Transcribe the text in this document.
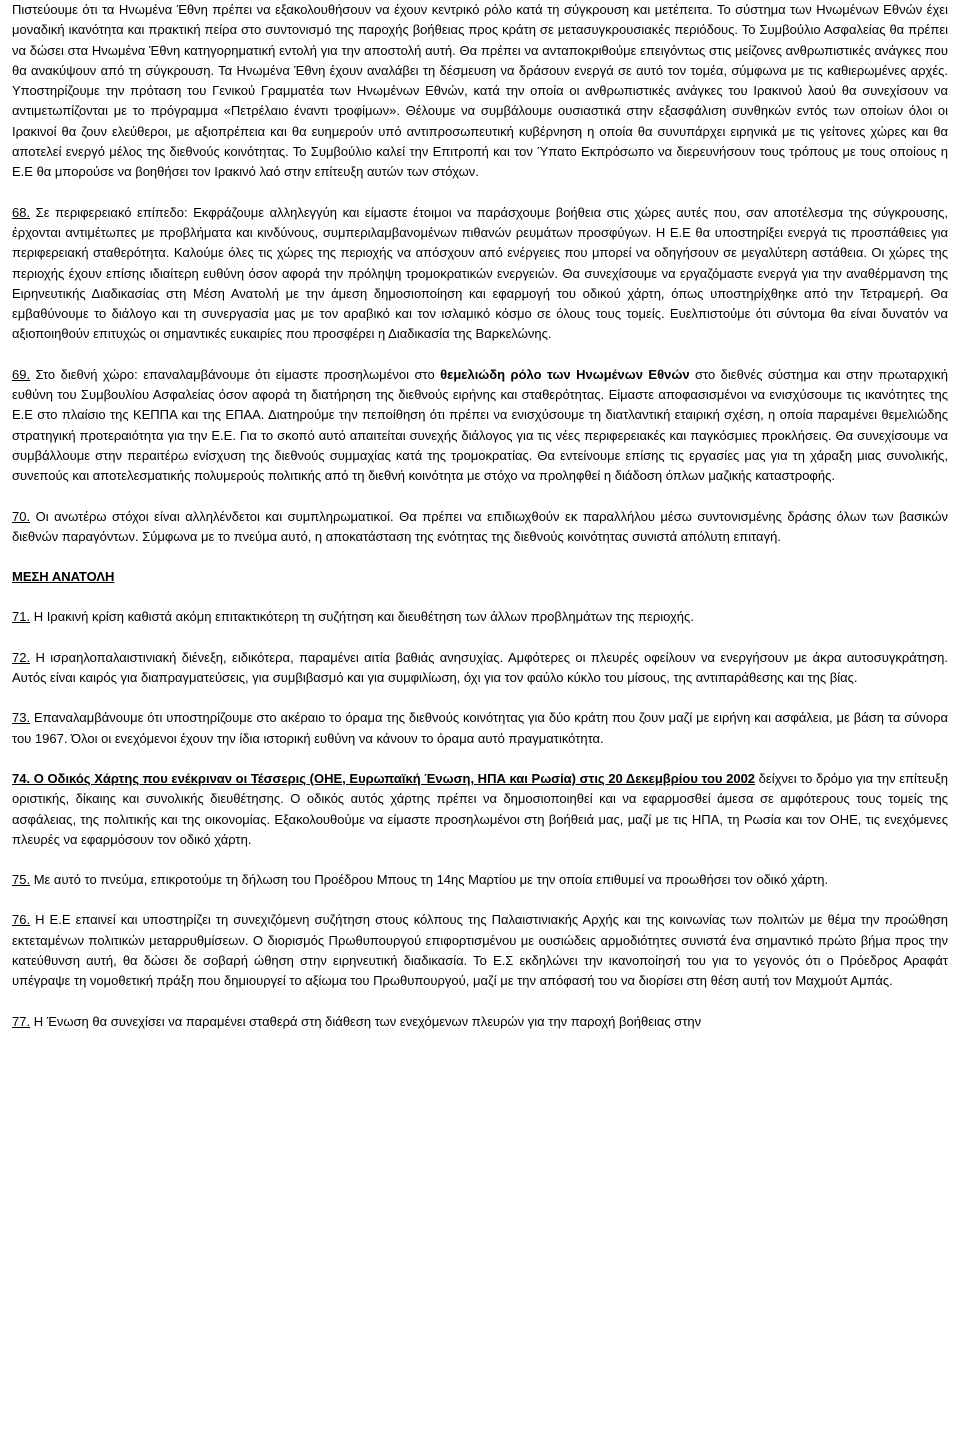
Πιστεύουμε ότι τα Ηνωμένα Έθνη πρέπει να εξακολουθήσουν να έχουν κεντρικό ρόλο κατά τη σύγκρουση και μετέπειτα. Το σύστημα των Ηνωμένων Εθνών έχει μοναδική ικανότητα και πρακτική πείρα στο συντονισμό της παροχής βοήθειας προς κράτη σε μετασυγκρουσιακές περιόδους. Το Συμβούλιο Ασφαλείας θα πρέπει να δώσει στα Ηνωμένα Έθνη κατηγορηματική εντολή για την αποστολή αυτή. Θα πρέπει να ανταποκριθούμε επειγόντως στις μείζονες ανθρωπιστικές ανάγκες που θα ανακύψουν από τη σύγκρουση. Τα Ηνωμένα Έθνη έχουν αναλάβει τη δέσμευση να δράσουν ενεργά σε αυτό τον τομέα, σύμφωνα με τις καθιερωμένες αρχές. Υποστηρίζουμε την πρόταση του Γενικού Γραμματέα των Ηνωμένων Εθνών, κατά την οποία οι ανθρωπιστικές ανάγκες του Ιρακινού λαού θα συνεχίσουν να αντιμετωπίζονται με το πρόγραμμα «Πετρέλαιο έναντι τροφίμων». Θέλουμε να συμβάλουμε ουσιαστικά στην εξασφάλιση συνθηκών εντός των οποίων όλοι οι Ιρακινοί θα ζουν ελεύθεροι, με αξιοπρέπεια και θα ευημερούν υπό αντιπροσωπευτική κυβέρνηση η οποία θα συνυπάρχει ειρηνικά με τις γείτονες χώρες και θα αποτελεί ενεργό μέλος της διεθνούς κοινότητας. Το Συμβούλιο καλεί την Επιτροπή και τον Ύπατο Εκπρόσωπο να διερευνήσουν τους τρόπους με τους οποίους η Ε.Ε θα μπορούσε να βοηθήσει τον Ιρακινό λαό στην επίτευξη αυτών των στόχων.

68. Σε περιφερειακό επίπεδο: Εκφράζουμε αλληλεγγύη και είμαστε έτοιμοι να παράσχουμε βοήθεια στις χώρες αυτές που, σαν αποτέλεσμα της σύγκρουσης, έρχονται αντιμέτωπες με προβλήματα και κινδύνους, συμπεριλαμβανομένων πιθανών ρευμάτων προσφύγων. Η Ε.Ε θα υποστηρίξει ενεργά τις προσπάθειες για περιφερειακή σταθερότητα. Καλούμε όλες τις χώρες της περιοχής να απόσχουν από ενέργειες που μπορεί να οδηγήσουν σε μεγαλύτερη αστάθεια. Οι χώρες της περιοχής έχουν επίσης ιδιαίτερη ευθύνη όσον αφορά την πρόληψη τρομοκρατικών ενεργειών. Θα συνεχίσουμε να εργαζόμαστε ενεργά για την αναθέρμανση της Ειρηνευτικής Διαδικασίας στη Μέση Ανατολή με την άμεση δημοσιοποίηση και εφαρμογή του οδικού χάρτη, όπως υποστηρίχθηκε από την Τετραμερή. Θα εμβαθύνουμε το διάλογο και τη συνεργασία μας με τον αραβικό και τον ισλαμικό κόσμο σε όλους τους τομείς. Ευελπιστούμε ότι σύντομα θα είναι δυνατόν να αξιοποιηθούν επιτυχώς οι σημαντικές ευκαιρίες που προσφέρει η Διαδικασία της Βαρκελώνης.

69. Στο διεθνή χώρο: επαναλαμβάνουμε ότι είμαστε προσηλωμένοι στο θεμελιώδη ρόλο των Ηνωμένων Εθνών στο διεθνές σύστημα και στην πρωταρχική ευθύνη του Συμβουλίου Ασφαλείας όσον αφορά τη διατήρηση της διεθνούς ειρήνης και σταθερότητας. Είμαστε αποφασισμένοι να ενισχύσουμε τις ικανότητες της Ε.Ε στο πλαίσιο της ΚΕΠΠΑ και της ΕΠΑΑ. Διατηρούμε την πεποίθηση ότι πρέπει να ενισχύσουμε τη διατλαντική εταιρική σχέση, η οποία παραμένει θεμελιώδης στρατηγική προτεραιότητα για την Ε.Ε. Για το σκοπό αυτό απαιτείται συνεχής διάλογος για τις νέες περιφερειακές και παγκόσμιες προκλήσεις. Θα συνεχίσουμε να συμβάλλουμε στην περαιτέρω ενίσχυση της διεθνούς συμμαχίας κατά της τρομοκρατίας. Θα εντείνουμε επίσης τις εργασίες μας για τη χάραξη μιας συνολικής, συνεπούς και αποτελεσματικής πολυμερούς πολιτικής από τη διεθνή κοινότητα με στόχο να προληφθεί η διάδοση όπλων μαζικής καταστροφής.

70. Οι ανωτέρω στόχοι είναι αλληλένδετοι και συμπληρωματικοί. Θα πρέπει να επιδιωχθούν εκ παραλλήλου μέσω συντονισμένης δράσης όλων των βασικών διεθνών παραγόντων. Σύμφωνα με το πνεύμα αυτό, η αποκατάσταση της ενότητας της διεθνούς κοινότητας συνιστά απόλυτη επιταγή.

ΜΕΣΗ ΑΝΑΤΟΛΗ

71. Η Ιρακινή κρίση καθιστά ακόμη επιτακτικότερη τη συζήτηση και διευθέτηση των άλλων προβλημάτων της περιοχής.

72. Η ισραηλοπαλαιστινιακή διένεξη, ειδικότερα, παραμένει αιτία βαθιάς ανησυχίας. Αμφότερες οι πλευρές οφείλουν να ενεργήσουν με άκρα αυτοσυγκράτηση. Αυτός είναι καιρός για διαπραγματεύσεις, για συμβιβασμό και για συμφιλίωση, όχι για τον φαύλο κύκλο του μίσους, της αντιπαράθεσης και της βίας.

73. Επαναλαμβάνουμε ότι υποστηρίζουμε στο ακέραιο το όραμα της διεθνούς κοινότητας για δύο κράτη που ζουν μαζί με ειρήνη και ασφάλεια, με βάση τα σύνορα του 1967. Όλοι οι ενεχόμενοι έχουν την ίδια ιστορική ευθύνη να κάνουν το όραμα αυτό πραγματικότητα.

74. Ο Οδικός Χάρτης που ενέκριναν οι Τέσσερις (ΟΗΕ, Ευρωπαϊκή Ένωση, ΗΠΑ και Ρωσία) στις 20 Δεκεμβρίου του 2002 δείχνει το δρόμο για την επίτευξη οριστικής, δίκαιης και συνολικής διευθέτησης. Ο οδικός αυτός χάρτης πρέπει να δημοσιοποιηθεί και να εφαρμοσθεί άμεσα σε αμφότερους τους τομείς της ασφάλειας, της πολιτικής και της οικονομίας. Εξακολουθούμε να είμαστε προσηλωμένοι στη βοήθειά μας, μαζί με τις ΗΠΑ, τη Ρωσία και τον ΟΗΕ, τις ενεχόμενες πλευρές να εφαρμόσουν τον οδικό χάρτη.

75. Με αυτό το πνεύμα, επικροτούμε τη δήλωση του Προέδρου Μπους τη 14ης Μαρτίου με την οποία επιθυμεί να προωθήσει τον οδικό χάρτη.

76. Η Ε.Ε επαινεί και υποστηρίζει τη συνεχιζόμενη συζήτηση στους κόλπους της Παλαιστινιακής Αρχής και της κοινωνίας των πολιτών με θέμα την προώθηση εκτεταμένων πολιτικών μεταρρυθμίσεων. Ο διορισμός Πρωθυπουργού επιφορτισμένου με ουσιώδεις αρμοδιότητες συνιστά ένα σημαντικό πρώτο βήμα προς την κατεύθυνση αυτή, θα δώσει δε σοβαρή ώθηση στην ειρηνευτική διαδικασία. Το Ε.Σ εκδηλώνει την ικανοποίησή του για το γεγονός ότι ο Πρόεδρος Αραφάτ υπέγραψε τη νομοθετική πράξη που δημιουργεί το αξίωμα του Πρωθυπουργού, μαζί με την απόφασή του να διορίσει στη θέση αυτή τον Μαχμούτ Αμπάς.

77. Η Ένωση θα συνεχίσει να παραμένει σταθερά στη διάθεση των ενεχόμενων πλευρών για την παροχή βοήθειας στην
